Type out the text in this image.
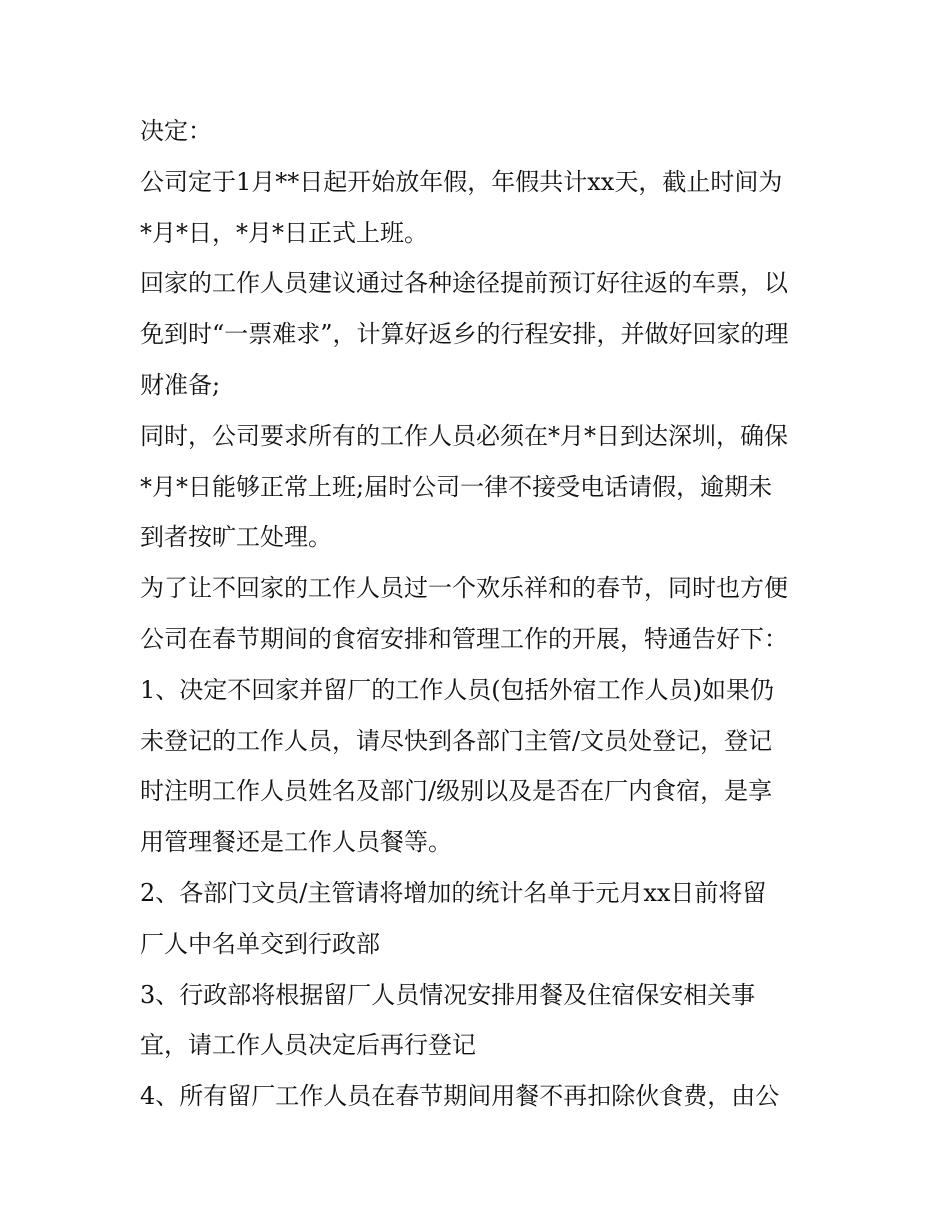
决定：
公司定于1月**日起开始放年假，年假共计xx天，截止时间为
*月*日，*月*日正式上班。
回家的工作人员建议通过各种途径提前预订好往返的车票，以
免到时“一票难求”，计算好返乡的行程安排，并做好回家的理
财准备;
同时，公司要求所有的工作人员必须在*月*日到达深圳，确保
*月*日能够正常上班;届时公司一律不接受电话请假，逾期未
到者按旷工处理。
为了让不回家的工作人员过一个欢乐祥和的春节，同时也方便
公司在春节期间的食宿安排和管理工作的开展，特通告好下：
1、决定不回家并留厂的工作人员(包括外宿工作人员)如果仍
未登记的工作人员，请尽快到各部门主管/文员处登记，登记
时注明工作人员姓名及部门/级别以及是否在厂内食宿，是享
用管理餐还是工作人员餐等。
2、各部门文员/主管请将增加的统计名单于元月xx日前将留
厂人中名单交到行政部
3、行政部将根据留厂人员情况安排用餐及住宿保安相关事
宜，请工作人员决定后再行登记
4、所有留厂工作人员在春节期间用餐不再扣除伙食费，由公
